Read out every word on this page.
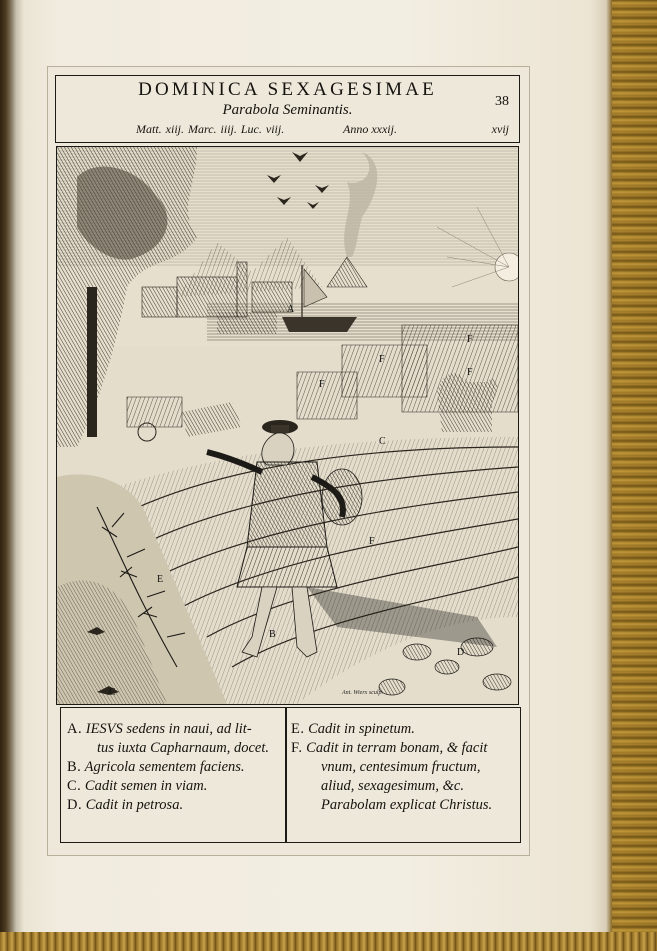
DOMINICA SEXAGESIMAE
Parabola Seminantis.
Matt. xiij. Marc. iiij. Luc. viij.	Anno xxxij.
38
xvij
A
B
C
D
E
F
F
F
F
F
C	Ant. Wierx sculp.
A. IESVS sedens in naui, ad lit-
tus iuxta Capharnaum, docet.
B. Agricola sementem faciens.
C. Cadit semen in viam.
D. Cadit in petrosa.
E. Cadit in spinetum.
F. Cadit in terram bonam, & facit
vnum, centesimum fructum,
aliud, sexagesimum, &c.
Parabolam explicat Christus.
